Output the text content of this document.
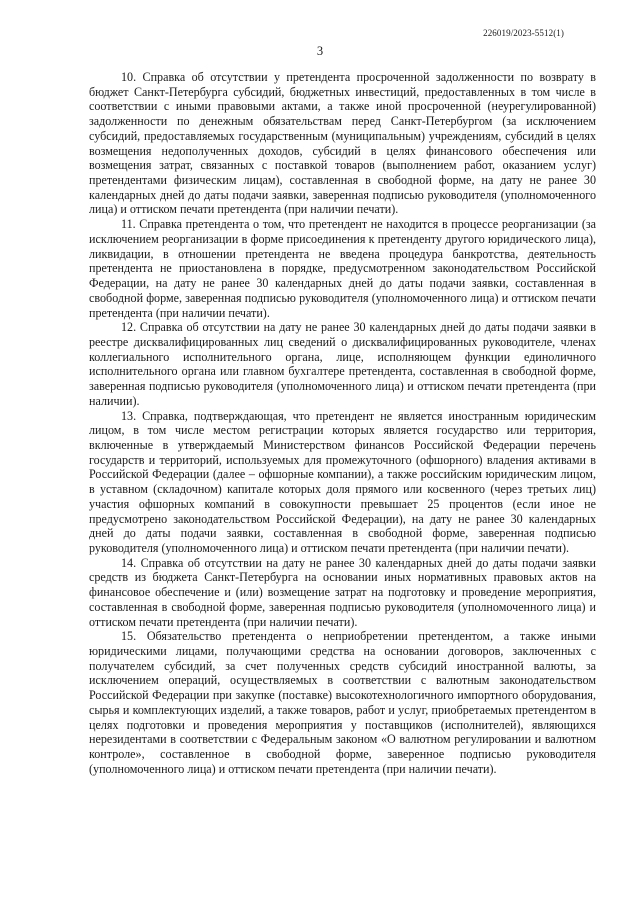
226019/2023-5512(1)
3

10. Справка об отсутствии у претендента просроченной задолженности по возврату в бюджет Санкт-Петербурга субсидий, бюджетных инвестиций, предоставленных в том числе в соответствии с иными правовыми актами, а также иной просроченной (неурегулированной) задолженности по денежным обязательствам перед Санкт-Петербургом (за исключением субсидий, предоставляемых государственным (муниципальным) учреждениям, субсидий в целях возмещения недополученных доходов, субсидий в целях финансового обеспечения или возмещения затрат, связанных с поставкой товаров (выполнением работ, оказанием услуг) претендентами физическим лицам), составленная в свободной форме, на дату не ранее 30 календарных дней до даты подачи заявки, заверенная подписью руководителя (уполномоченного лица) и оттиском печати претендента (при наличии печати).

11. Справка претендента о том, что претендент не находится в процессе реорганизации (за исключением реорганизации в форме присоединения к претенденту другого юридического лица), ликвидации, в отношении претендента не введена процедура банкротства, деятельность претендента не приостановлена в порядке, предусмотренном законодательством Российской Федерации, на дату не ранее 30 календарных дней до даты подачи заявки, составленная в свободной форме, заверенная подписью руководителя (уполномоченного лица) и оттиском печати претендента (при наличии печати).

12. Справка об отсутствии на дату не ранее 30 календарных дней до даты подачи заявки в реестре дисквалифицированных лиц сведений о дисквалифицированных руководителе, членах коллегиального исполнительного органа, лице, исполняющем функции единоличного исполнительного органа или главном бухгалтере претендента, составленная в свободной форме, заверенная подписью руководителя (уполномоченного лица) и оттиском печати претендента (при наличии).

13. Справка, подтверждающая, что претендент не является иностранным юридическим лицом, в том числе местом регистрации которых является государство или территория, включенные в утверждаемый Министерством финансов Российской Федерации перечень государств и территорий, используемых для промежуточного (офшорного) владения активами в Российской Федерации (далее – офшорные компании), а также российским юридическим лицом, в уставном (складочном) капитале которых доля прямого или косвенного (через третьих лиц) участия офшорных компаний в совокупности превышает 25 процентов (если иное не предусмотрено законодательством Российской Федерации), на дату не ранее 30 календарных дней до даты подачи заявки, составленная в свободной форме, заверенная подписью руководителя (уполномоченного лица) и оттиском печати претендента (при наличии печати).

14. Справка об отсутствии на дату не ранее 30 календарных дней до даты подачи заявки средств из бюджета Санкт-Петербурга на основании иных нормативных правовых актов на финансовое обеспечение и (или) возмещение затрат на подготовку и проведение мероприятия, составленная в свободной форме, заверенная подписью руководителя (уполномоченного лица) и оттиском печати претендента (при наличии печати).

15. Обязательство претендента о неприобретении претендентом, а также иными юридическими лицами, получающими средства на основании договоров, заключенных с получателем субсидий, за счет полученных средств субсидий иностранной валюты, за исключением операций, осуществляемых в соответствии с валютным законодательством Российской Федерации при закупке (поставке) высокотехнологичного импортного оборудования, сырья и комплектующих изделий, а также товаров, работ и услуг, приобретаемых претендентом в целях подготовки и проведения мероприятия у поставщиков (исполнителей), являющихся нерезидентами в соответствии с Федеральным законом «О валютном регулировании и валютном контроле», составленное в свободной форме, заверенное подписью руководителя (уполномоченного лица) и оттиском печати претендента (при наличии печати).
